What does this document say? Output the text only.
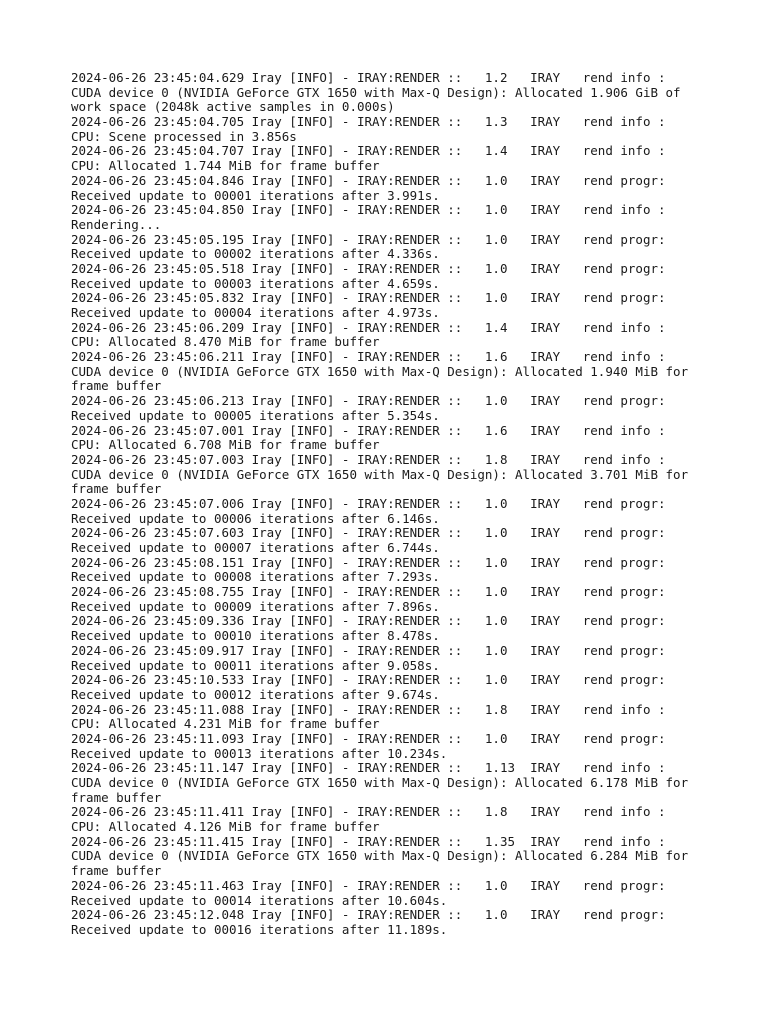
2024-06-26 23:45:04.629 Iray [INFO] - IRAY:RENDER ::   1.2   IRAY   rend info :

CUDA device 0 (NVIDIA GeForce GTX 1650 with Max-Q Design): Allocated 1.906 GiB of

work space (2048k active samples in 0.000s)

2024-06-26 23:45:04.705 Iray [INFO] - IRAY:RENDER ::   1.3   IRAY   rend info :

CPU: Scene processed in 3.856s

2024-06-26 23:45:04.707 Iray [INFO] - IRAY:RENDER ::   1.4   IRAY   rend info :

CPU: Allocated 1.744 MiB for frame buffer

2024-06-26 23:45:04.846 Iray [INFO] - IRAY:RENDER ::   1.0   IRAY   rend progr:

Received update to 00001 iterations after 3.991s.

2024-06-26 23:45:04.850 Iray [INFO] - IRAY:RENDER ::   1.0   IRAY   rend info :

Rendering...

2024-06-26 23:45:05.195 Iray [INFO] - IRAY:RENDER ::   1.0   IRAY   rend progr:

Received update to 00002 iterations after 4.336s.

2024-06-26 23:45:05.518 Iray [INFO] - IRAY:RENDER ::   1.0   IRAY   rend progr:

Received update to 00003 iterations after 4.659s.

2024-06-26 23:45:05.832 Iray [INFO] - IRAY:RENDER ::   1.0   IRAY   rend progr:

Received update to 00004 iterations after 4.973s.

2024-06-26 23:45:06.209 Iray [INFO] - IRAY:RENDER ::   1.4   IRAY   rend info :

CPU: Allocated 8.470 MiB for frame buffer

2024-06-26 23:45:06.211 Iray [INFO] - IRAY:RENDER ::   1.6   IRAY   rend info :

CUDA device 0 (NVIDIA GeForce GTX 1650 with Max-Q Design): Allocated 1.940 MiB for

frame buffer

2024-06-26 23:45:06.213 Iray [INFO] - IRAY:RENDER ::   1.0   IRAY   rend progr:

Received update to 00005 iterations after 5.354s.

2024-06-26 23:45:07.001 Iray [INFO] - IRAY:RENDER ::   1.6   IRAY   rend info :

CPU: Allocated 6.708 MiB for frame buffer

2024-06-26 23:45:07.003 Iray [INFO] - IRAY:RENDER ::   1.8   IRAY   rend info :

CUDA device 0 (NVIDIA GeForce GTX 1650 with Max-Q Design): Allocated 3.701 MiB for

frame buffer

2024-06-26 23:45:07.006 Iray [INFO] - IRAY:RENDER ::   1.0   IRAY   rend progr:

Received update to 00006 iterations after 6.146s.

2024-06-26 23:45:07.603 Iray [INFO] - IRAY:RENDER ::   1.0   IRAY   rend progr:

Received update to 00007 iterations after 6.744s.

2024-06-26 23:45:08.151 Iray [INFO] - IRAY:RENDER ::   1.0   IRAY   rend progr:

Received update to 00008 iterations after 7.293s.

2024-06-26 23:45:08.755 Iray [INFO] - IRAY:RENDER ::   1.0   IRAY   rend progr:

Received update to 00009 iterations after 7.896s.

2024-06-26 23:45:09.336 Iray [INFO] - IRAY:RENDER ::   1.0   IRAY   rend progr:

Received update to 00010 iterations after 8.478s.

2024-06-26 23:45:09.917 Iray [INFO] - IRAY:RENDER ::   1.0   IRAY   rend progr:

Received update to 00011 iterations after 9.058s.

2024-06-26 23:45:10.533 Iray [INFO] - IRAY:RENDER ::   1.0   IRAY   rend progr:

Received update to 00012 iterations after 9.674s.

2024-06-26 23:45:11.088 Iray [INFO] - IRAY:RENDER ::   1.8   IRAY   rend info :

CPU: Allocated 4.231 MiB for frame buffer

2024-06-26 23:45:11.093 Iray [INFO] - IRAY:RENDER ::   1.0   IRAY   rend progr:

Received update to 00013 iterations after 10.234s.

2024-06-26 23:45:11.147 Iray [INFO] - IRAY:RENDER ::   1.13  IRAY   rend info :

CUDA device 0 (NVIDIA GeForce GTX 1650 with Max-Q Design): Allocated 6.178 MiB for

frame buffer

2024-06-26 23:45:11.411 Iray [INFO] - IRAY:RENDER ::   1.8   IRAY   rend info :

CPU: Allocated 4.126 MiB for frame buffer

2024-06-26 23:45:11.415 Iray [INFO] - IRAY:RENDER ::   1.35  IRAY   rend info :

CUDA device 0 (NVIDIA GeForce GTX 1650 with Max-Q Design): Allocated 6.284 MiB for

frame buffer

2024-06-26 23:45:11.463 Iray [INFO] - IRAY:RENDER ::   1.0   IRAY   rend progr:

Received update to 00014 iterations after 10.604s.

2024-06-26 23:45:12.048 Iray [INFO] - IRAY:RENDER ::   1.0   IRAY   rend progr:

Received update to 00016 iterations after 11.189s.
